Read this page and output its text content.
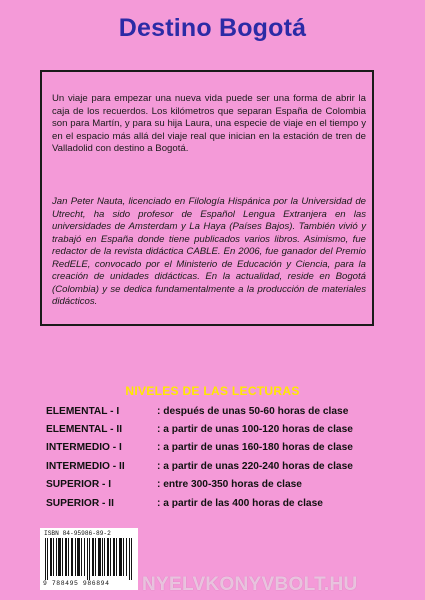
Destino Bogotá

Un viaje para empezar una nueva vida puede ser una forma de abrir la caja de los recuerdos. Los kilómetros que separan España de Colombia son para Martín, y para su hija Laura, una especie de viaje en el tiempo y en el espacio más allá del viaje real que inician en la estación de tren de Valladolid con destino a Bogotá.

Jan Peter Nauta, licenciado en Filología Hispánica por la Universidad de Utrecht, ha sido profesor de Español Lengua Extranjera en las universidades de Amsterdam y La Haya (Países Bajos). También vivió y trabajó en España donde tiene publicados varios libros. Asimismo, fue redactor de la revista didáctica CABLE. En 2006, fue ganador del Premio RedELE, convocado por el Ministerio de Educación y Ciencia, para la creación de unidades didácticas. En la actualidad, reside en Bogotá (Colombia) y se dedica fundamentalmente a la producción de materiales didácticos.

NIVELES DE LAS LECTURAS
ELEMENTAL - I	: después de unas 50-60 horas de clase
ELEMENTAL - II	: a partir de unas 100-120 horas de clase
INTERMEDIO - I	: a partir de unas 160-180 horas de clase
INTERMEDIO - II	: a partir de unas 220-240 horas de clase
SUPERIOR - I	: entre 300-350 horas de clase
SUPERIOR - II	: a partir de las 400 horas de clase
ISBN 84-95986-89-2
9 788495 986894 NYELVKONYVBOLT.HU
